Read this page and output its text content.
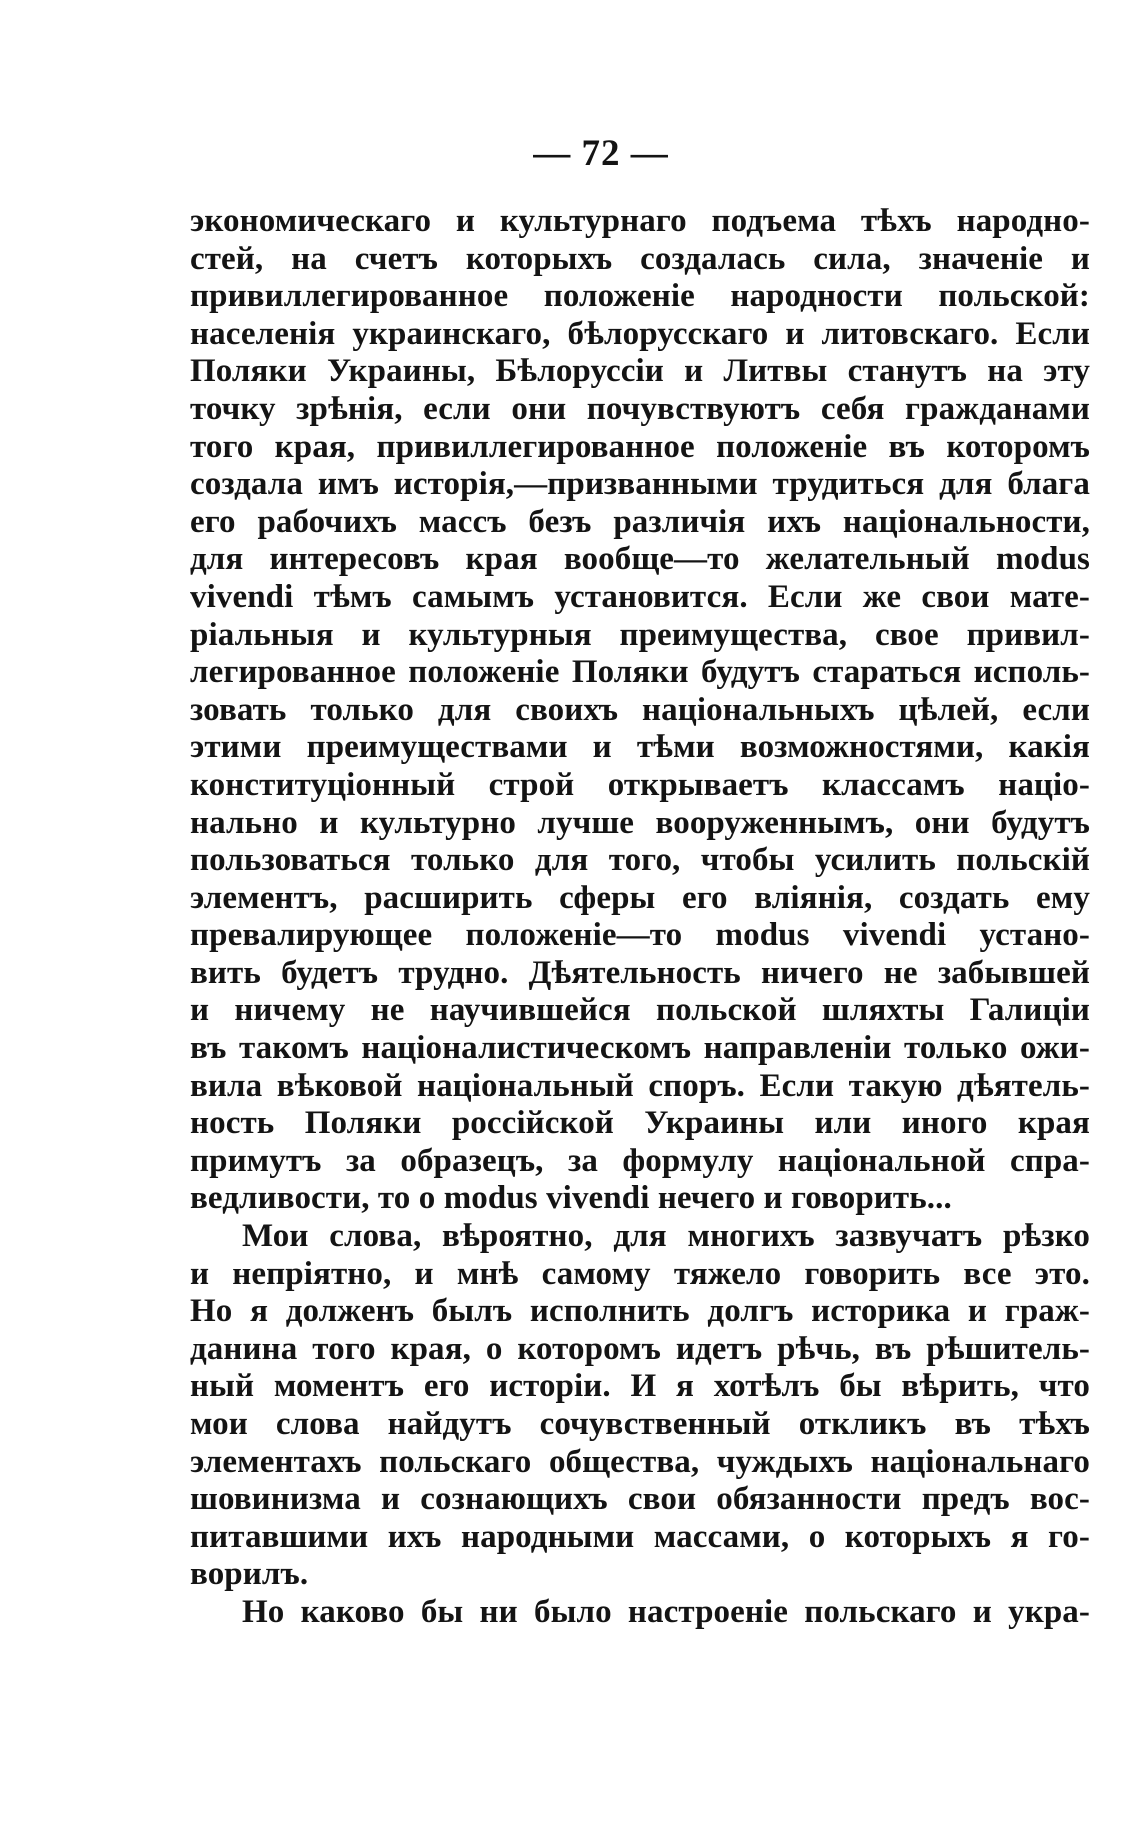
— 72 —
экономическаго и культурнаго подъема тѣхъ народно-
стей, на счетъ которыхъ создалась сила, значеніе и
привиллегированное положеніе народности польской:
населенія украинскаго, бѣлорусскаго и литовскаго. Если
Поляки Украины, Бѣлоруссіи и Литвы станутъ на эту
точку зрѣнія, если они почувствуютъ себя гражданами
того края, привиллегированное положеніе въ которомъ
создала имъ исторія,—призванными трудиться для блага
его рабочихъ массъ безъ различія ихъ національности,
для интересовъ края вообще—то желательный modus
vivendi тѣмъ самымъ установится. Если же свои мате-
ріальныя и культурныя преимущества, свое привил-
легированное положеніе Поляки будутъ стараться исполь-
зовать только для своихъ національныхъ цѣлей, если
этими преимуществами и тѣми возможностями, какія
конституціонный строй открываетъ классамъ націо-
нально и культурно лучше вооруженнымъ, они будутъ
пользоваться только для того, чтобы усилить польскій
элементъ, расширить сферы его вліянія, создать ему
превалирующее положеніе—то modus vivendi устано-
вить будетъ трудно. Дѣятельность ничего не забывшей
и ничему не научившейся польской шляхты Галиціи
въ такомъ націоналистическомъ направленіи только ожи-
вила вѣковой національный споръ. Если такую дѣятель-
ность Поляки россійской Украины или иного края
примутъ за образецъ, за формулу національной спра-
ведливости, то о modus vivendi нечего и говорить...
Мои слова, вѣроятно, для многихъ зазвучатъ рѣзко
и непріятно, и мнѣ самому тяжело говорить все это.
Но я долженъ былъ исполнить долгъ историка и граж-
данина того края, о которомъ идетъ рѣчь, въ рѣшитель-
ный моментъ его исторіи. И я хотѣлъ бы вѣрить, что
мои слова найдутъ сочувственный откликъ въ тѣхъ
элементахъ польскаго общества, чуждыхъ національнаго
шовинизма и сознающихъ свои обязанности предъ вос-
питавшими ихъ народными массами, о которыхъ я го-
ворилъ.
Но каково бы ни было настроеніе польскаго и укра-
